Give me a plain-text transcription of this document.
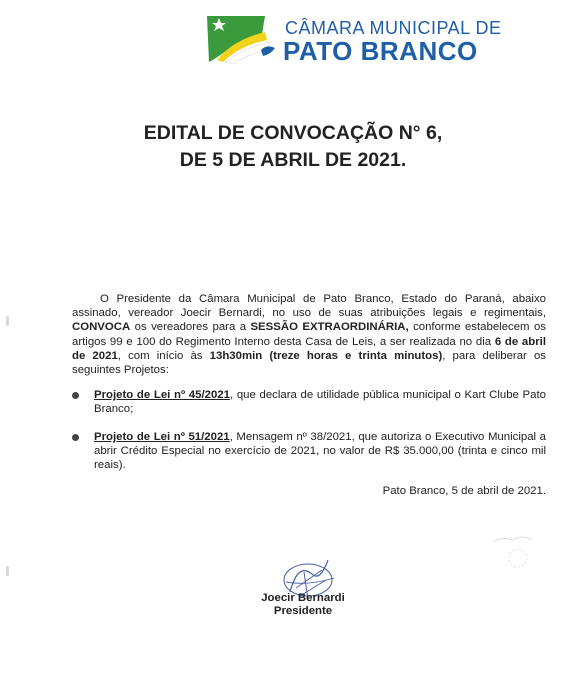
CÂMARA MUNICIPAL DE
PATO BRANCO
EDITAL DE CONVOCAÇÃO N° 6,
DE 5 DE ABRIL DE 2021.

O Presidente da Câmara Municipal de Pato Branco, Estado do Paraná, abaixo assinado, vereador Joecir Bernardi, no uso de suas atribuições legais e regimentais, CONVOCA os vereadores para a SESSÃO EXTRAORDINÁRIA, conforme estabelecem os artigos 99 e 100 do Regimento Interno desta Casa de Leis, a ser realizada no dia 6 de abril de 2021, com início às 13h30min (treze horas e trinta minutos), para deliberar os seguintes Projetos:

Projeto de Lei nº 45/2021, que declara de utilidade pública municipal o Kart Clube Pato Branco;
Projeto de Lei nº 51/2021, Mensagem nº 38/2021, que autoriza o Executivo Municipal a abrir Crédito Especial no exercício de 2021, no valor de R$ 35.000,00 (trinta e cinco mil reais).
Pato Branco, 5 de abril de 2021.
Joecir Bernardi
Presidente
